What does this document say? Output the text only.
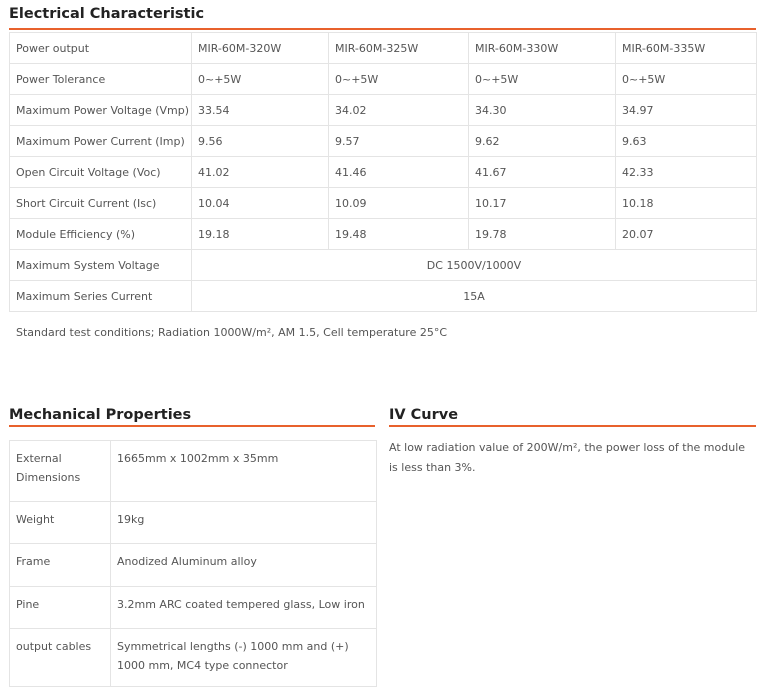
Electrical Characteristic
Power output	MIR-60M-320W	MIR-60M-325W	MIR-60M-330W	MIR-60M-335W
Power Tolerance	0~+5W	0~+5W	0~+5W	0~+5W
Maximum Power Voltage (Vmp)	33.54	34.02	34.30	34.97
Maximum Power Current (Imp)	9.56	9.57	9.62	9.63
Open Circuit Voltage (Voc)	41.02	41.46	41.67	42.33
Short Circuit Current (Isc)	10.04	10.09	10.17	10.18
Module Efficiency (%)	19.18	19.48	19.78	20.07
Maximum System Voltage	DC 1500V/1000V			
Maximum Series Current	15A			
Standard test conditions; Radiation 1000W/m², AM 1.5, Cell temperature 25°C
Mechanical Properties
External Dimensions	1665mm x 1002mm x 35mm
Weight	19kg
Frame	Anodized Aluminum alloy
Pine	3.2mm ARC coated tempered glass, Low iron
output cables	Symmetrical lengths (-) 1000 mm and (+) 1000 mm, MC4 type connector
IV Curve
At low radiation value of 200W/m², the power loss of the module is less than 3%.
